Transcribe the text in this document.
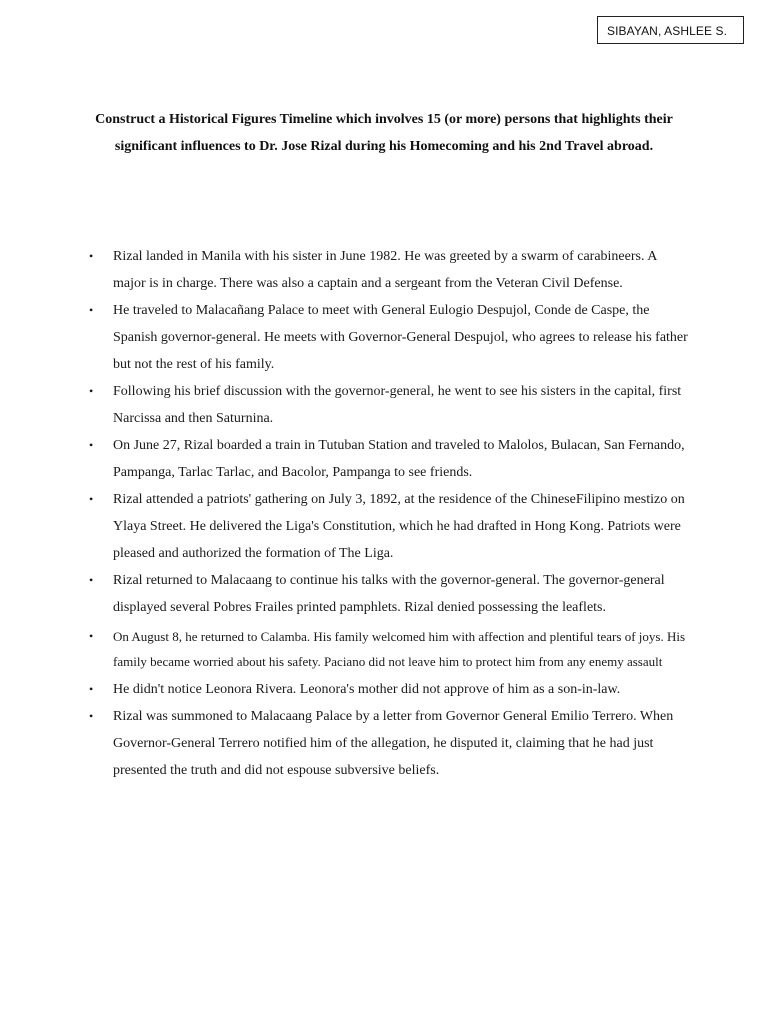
SIBAYAN, ASHLEE S.
Construct a Historical Figures Timeline which involves 15 (or more) persons that highlights their significant influences to Dr. Jose Rizal during his Homecoming and his 2nd Travel abroad.
•	Rizal landed in Manila with his sister in June 1982. He was greeted by a swarm of carabineers. A major is in charge. There was also a captain and a sergeant from the Veteran Civil Defense.
•	He traveled to Malacañang Palace to meet with General Eulogio Despujol, Conde de Caspe, the Spanish governor-general. He meets with Governor-General Despujol, who agrees to release his father but not the rest of his family.
•	Following his brief discussion with the governor-general, he went to see his sisters in the capital, first Narcissa and then Saturnina.
•	On June 27, Rizal boarded a train in Tutuban Station and traveled to Malolos, Bulacan, San Fernando, Pampanga, Tarlac Tarlac, and Bacolor, Pampanga to see friends.
•	Rizal attended a patriots' gathering on July 3, 1892, at the residence of the ChineseFilipino mestizo on Ylaya Street. He delivered the Liga's Constitution, which he had drafted in Hong Kong. Patriots were pleased and authorized the formation of The Liga.
•	Rizal returned to Malacaang to continue his talks with the governor-general. The governor-general displayed several Pobres Frailes printed pamphlets. Rizal denied possessing the leaflets.
•	On August 8, he returned to Calamba. His family welcomed him with affection and plentiful tears of joys. His family became worried about his safety. Paciano did not leave him to protect him from any enemy assault
•	He didn't notice Leonora Rivera. Leonora's mother did not approve of him as a son-in-law.
•	Rizal was summoned to Malacaang Palace by a letter from Governor General Emilio Terrero. When Governor-General Terrero notified him of the allegation, he disputed it, claiming that he had just presented the truth and did not espouse subversive beliefs.
